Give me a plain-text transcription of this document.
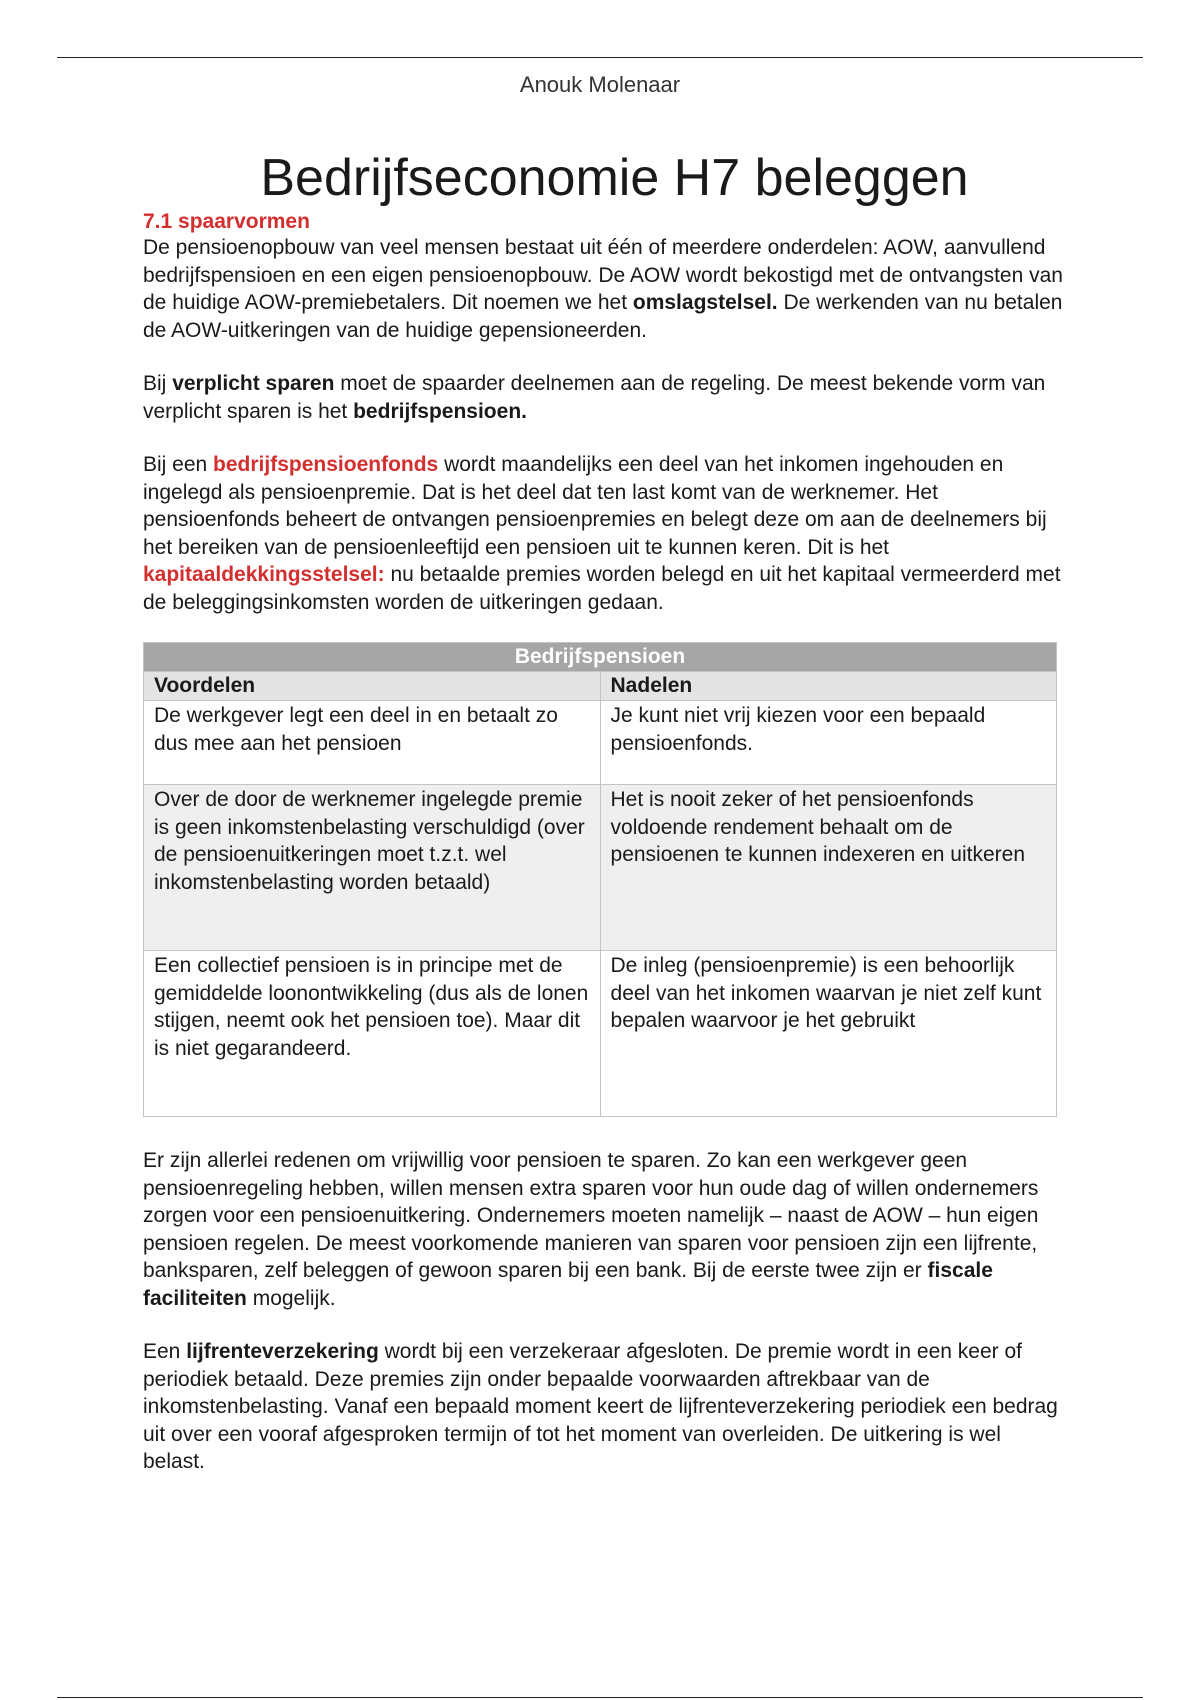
Anouk Molenaar
Bedrijfseconomie H7 beleggen
7.1 spaarvormen

De pensioenopbouw van veel mensen bestaat uit één of meerdere onderdelen: AOW, aanvullend bedrijfspensioen en een eigen pensioenopbouw. De AOW wordt bekostigd met de ontvangsten van de huidige AOW-premiebetalers. Dit noemen we het omslagstelsel. De werkenden van nu betalen de AOW-uitkeringen van de huidige gepensioneerden.

Bij verplicht sparen moet de spaarder deelnemen aan de regeling. De meest bekende vorm van verplicht sparen is het bedrijfspensioen.

Bij een bedrijfspensioenfonds wordt maandelijks een deel van het inkomen ingehouden en ingelegd als pensioenpremie. Dat is het deel dat ten last komt van de werknemer. Het pensioenfonds beheert de ontvangen pensioenpremies en belegt deze om aan de deelnemers bij het bereiken van de pensioenleeftijd een pensioen uit te kunnen keren. Dit is het kapitaaldekkingsstelsel: nu betaalde premies worden belegd en uit het kapitaal vermeerderd met de beleggingsinkomsten worden de uitkeringen gedaan.

Bedrijfspensioen	
Voordelen	Nadelen
De werkgever legt een deel in en betaalt zo dus mee aan het pensioen	Je kunt niet vrij kiezen voor een bepaald pensioenfonds.
Over de door de werknemer ingelegde premie is geen inkomstenbelasting verschuldigd (over de pensioenuitkeringen moet t.z.t. wel inkomstenbelasting worden betaald)	Het is nooit zeker of het pensioenfonds voldoende rendement behaalt om de pensioenen te kunnen indexeren en uitkeren
Een collectief pensioen is in principe met de gemiddelde loonontwikkeling (dus als de lonen stijgen, neemt ook het pensioen toe). Maar dit is niet gegarandeerd.	De inleg (pensioenpremie) is een behoorlijk deel van het inkomen waarvan je niet zelf kunt bepalen waarvoor je het gebruikt

Er zijn allerlei redenen om vrijwillig voor pensioen te sparen. Zo kan een werkgever geen pensioenregeling hebben, willen mensen extra sparen voor hun oude dag of willen ondernemers zorgen voor een pensioenuitkering. Ondernemers moeten namelijk – naast de AOW – hun eigen pensioen regelen. De meest voorkomende manieren van sparen voor pensioen zijn een lijfrente, banksparen, zelf beleggen of gewoon sparen bij een bank. Bij de eerste twee zijn er fiscale faciliteiten mogelijk.

Een lijfrenteverzekering wordt bij een verzekeraar afgesloten. De premie wordt in een keer of periodiek betaald. Deze premies zijn onder bepaalde voorwaarden aftrekbaar van de inkomstenbelasting. Vanaf een bepaald moment keert de lijfrenteverzekering periodiek een bedrag uit over een vooraf afgesproken termijn of tot het moment van overleiden. De uitkering is wel belast.
